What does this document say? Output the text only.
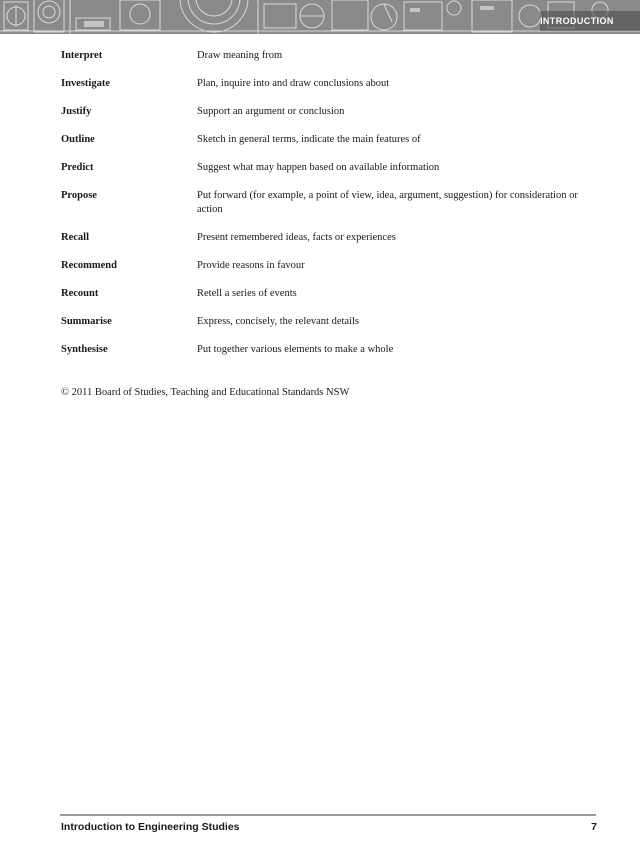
INTRODUCTION
Interpret	Draw meaning from
Investigate	Plan, inquire into and draw conclusions about
Justify	Support an argument or conclusion
Outline	Sketch in general terms, indicate the main features of
Predict	Suggest what may happen based on available information
Propose	Put forward (for example, a point of view, idea, argument, suggestion) for consideration or action
Recall	Present remembered ideas, facts or experiences
Recommend	Provide reasons in favour
Recount	Retell a series of events
Summarise	Express, concisely, the relevant details
Synthesise	Put together various elements to make a whole
© 2011 Board of Studies, Teaching and Educational Standards NSW
Introduction to Engineering Studies	7
